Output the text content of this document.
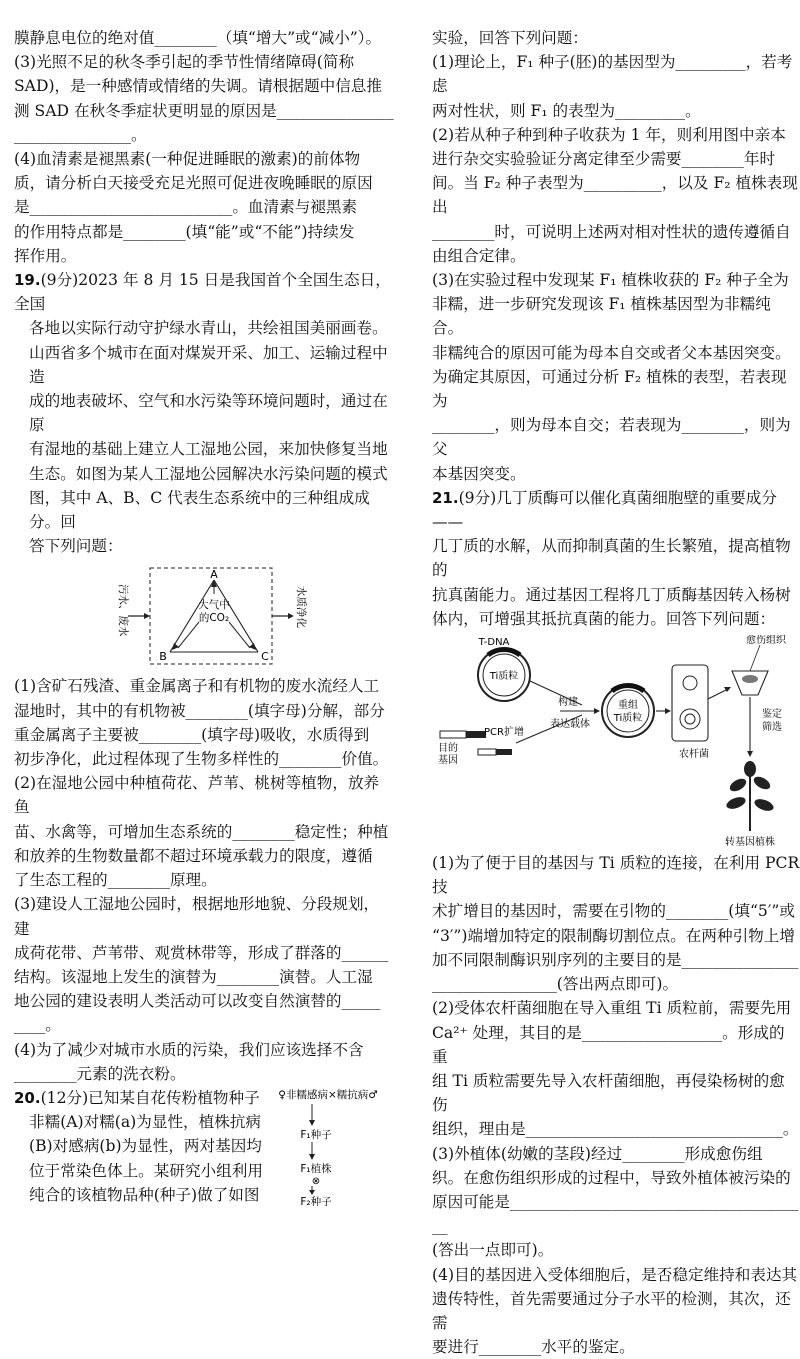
膜静息电位的绝对值________（填“增大”或“减小”）。

(3)光照不足的秋冬季引起的季节性情绪障碍(简称

SAD)，是一种感情或情绪的失调。请根据题中信息推

测 SAD 在秋冬季症状更明显的原因是_______________

_______________。

(4)血清素是褪黑素(一种促进睡眠的激素)的前体物

质，请分析白天接受充足光照可促进夜晚睡眠的原因

是__________________________。血清素与褪黑素

的作用特点都是________(填“能”或“不能”)持续发

挥作用。

19.(9分)2023 年 8 月 15 日是我国首个全国生态日，全国

各地以实际行动守护绿水青山，共绘祖国美丽画卷。

山西省多个城市在面对煤炭开采、加工、运输过程中造

成的地表破坏、空气和水污染等环境问题时，通过在原

有湿地的基础上建立人工湿地公园，来加快修复当地

生态。如图为某人工湿地公园解决水污染问题的模式

图，其中 A、B、C 代表生态系统中的三种组成成分。回

答下列问题：

A
B	C
大气中
的CO₂
污水、废水	水质净化

(1)含矿石残渣、重金属离子和有机物的废水流经人工

湿地时，其中的有机物被________(填字母)分解，部分

重金属离子主要被________(填字母)吸收，水质得到

初步净化，此过程体现了生物多样性的________价值。

(2)在湿地公园中种植荷花、芦苇、桃树等植物，放养鱼

苗、水禽等，可增加生态系统的________稳定性；种植

和放养的生物数量都不超过环境承载力的限度，遵循

了生态工程的________原理。

(3)建设人工湿地公园时，根据地形地貌、分段规划，建

成荷花带、芦苇带、观赏林带等，形成了群落的______

结构。该湿地上发生的演替为________演替。人工湿

地公园的建设表明人类活动可以改变自然演替的_____

____。

(4)为了减少对城市水质的污染，我们应该选择不含

________元素的洗衣粉。

20.(12分)已知某自花传粉植物种子

非糯(A)对糯(a)为显性，植株抗病

(B)对感病(b)为显性，两对基因均

位于常染色体上。某研究小组利用

纯合的该植物品种(种子)做了如图

♀非糯感病×糯抗病♂
F₁种子
F₁植株
⊗
F₂种子

实验，回答下列问题：

(1)理论上，F₁ 种子(胚)的基因型为_________，若考虑

两对性状，则 F₁ 的表型为_________。

(2)若从种子种到种子收获为 1 年，则利用图中亲本

进行杂交实验验证分离定律至少需要________年时

间。当 F₂ 种子表型为__________，以及 F₂ 植株表现出

________时，可说明上述两对相对性状的遗传遵循自

由组合定律。

(3)在实验过程中发现某 F₁ 植株收获的 F₂ 种子全为

非糯，进一步研究发现该 F₁ 植株基因型为非糯纯合。

非糯纯合的原因可能为母本自交或者父本基因突变。

为确定其原因，可通过分析 F₂ 植株的表型，若表现为

________，则为母本自交；若表现为________，则为父

本基因突变。

21.(9分)几丁质酶可以催化真菌细胞壁的重要成分——

几丁质的水解，从而抑制真菌的生长繁殖，提高植物的

抗真菌能力。通过基因工程将几丁质酶基因转入杨树

体内，可增强其抵抗真菌的能力。回答下列问题：

Ti质粒
T-DNA
目的
基因
PCR扩增
构建
表达载体
重组
Ti质粒
农杆菌
愈伤组织
鉴定
筛选
转基因植株

(1)为了便于目的基因与 Ti 质粒的连接，在利用 PCR 技

术扩增目的基因时，需要在引物的________(填“5′”或

“3′”)端增加特定的限制酶切割位点。在两种引物上增

加不同限制酶识别序列的主要目的是_______________

________________(答出两点即可)。

(2)受体农杆菌细胞在导入重组 Ti 质粒前，需要先用

Ca²⁺ 处理，其目的是__________________。形成的重

组 Ti 质粒需要先导入农杆菌细胞，再侵染杨树的愈伤

组织，理由是_________________________________。

(3)外植体(幼嫩的茎段)经过________形成愈伤组

织。在愈伤组织形成的过程中，导致外植体被污染的

原因可能是_______________________________________

(答出一点即可)。

(4)目的基因进入受体细胞后，是否稳定维持和表达其

遗传特性，首先需要通过分子水平的检测，其次，还需

要进行________水平的鉴定。
